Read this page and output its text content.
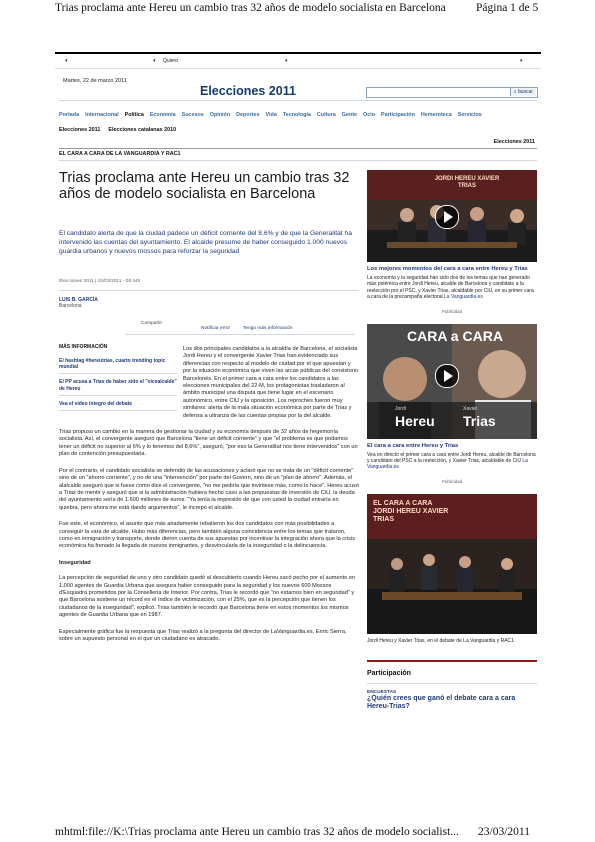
Trias proclama ante Hereu un cambio tras 32 años de modelo socialista en Barcelona	Página 1 de 5
▾	▾ Quiero	▾	▾
Martes, 22 de marzo 2011
Elecciones 2011	⌕ buscar
Portada Internacional Política Economía Sucesos Opinión Deportes Vida Tecnología Cultura Gente Ocio Participación Hemeroteca Servicios
Elecciones 2011 Elecciones catalanas 2010
Elecciones 2011
EL CARA A CARA DE LA VANGUARDIA Y RAC1
Trias proclama ante Hereu un cambio tras 32 años de modelo socialista en Barcelona
El candidato alerta de que la ciudad padece un déficit corriente del 8,6% y de que la Generalitat ha intervenido las cuentas del ayuntamiento. El alcalde presume de haber conseguido 1.000 nuevos guardia urbanos y nuevos mossos para reforzar la seguridad
Elecciones 2011 | 22/03/2011 - 08:44h
LUIS B. GARCÍA
Barcelona
Compartir
Notificar error	Tengo más información
MÁS INFORMACIÓN
El hashtag #hereutrias, cuarto trending topic mundial
El PP acusa a Trias de haber sido el "vicealcalde" de Hereu
Vea el vídeo íntegro del debate

Los dos principales candidatos a la alcaldía de Barcelona, el socialista Jordi Hereu y el convergente Xavier Trias han evidenciado sus diferencias con respecto al modelo de ciudad por el que apuestan y por la situación económica que viven las arcas públicas del consistorio Barcelonés. En el primer cara a cara entre los candidatos a las elecciones municipales del 22-M, los protagonistas trasladaron al ámbito municipal una disputa que tiene lugar en el escenario autonómico, entre CIU y la oposición. Los reproches fueron muy similares: alerta de la mala situación económica por parte de Trias y defensa a ultranza de las cuentas propias por la del alcalde.

Trias propuso un cambio en la manera de gestionar la ciudad y su economía después de 32 años de hegemonía socialista. Así, el convergente aseguró que Barcelona "tiene un déficit corriente" y que "el problema es que podamos tener un déficit no superior al 6% y lo tenemos del 8,6%", aseguró, "por eso la Generalitat nos tiene intervenidos" con un plan de contención presupuestaria.

Por el contrario, el candidato socialista se defendió de las acusaciones y aclaró que no se trata de un "déficit corriente" sino de un "ahorro corriente", y no de una "intervención" por parte del Govern, sino de un "plan de ahorro". Además, el alalcalde aseguró que si fuese como dice el convergente, "no me pediría que invirtiese más, como lo hace". Hereu acusó a Trias de mentir y aseguró que si la administración hubiera hecho caso a las propuestas de inversión de CiU, la deuda del ayuntamiento sería de 1.600 millones de euros. "Ya tenía la impresión de que con usted la ciudad entraría en quiebra, pero ahora me está dando argumentos", le increpó el alcalde.

Fue este, el económico, el asunto que más airadamente rebatieron los dos candidatos con más posibilidades a conseguir la vara de alcalde. Hubo más diferencias, pero también alguna coincidencia entre los temas que trataron, como en inmigración y transporte, donde dieron cuenta de sus apuestas por incentivar la integración ahora que la crisis económica ha frenado la llegada de nuevos inmigrantes, y desvincularla de la inseguridad o la delincuencia.

Inseguridad

La percepción de seguridad de uno y otro candidato quedó al descubierto cuando Hereu sacó pecho por el aumento en 1.000 agentes de Guardia Urbana que asegura haber conseguido para la seguridad y los nuevos 600 Mossos d'Esquadra prometidos por la Conselleria de Interior. Por contra, Trias le recordó que "no estamos bien en seguridad" y que Barcelona sostiene un récord en el índice de victimización, con el 25%, que es la percepción que tienen los ciudadanos de la inseguridad", explicó. Trias también le recordó que Barcelona tiene en estos momentos los mismos agentes de Guardia Urbana que en 1987.

Especialmente gráfica fue la respuesta que Trias realizó a la pregunta del director de LaVanguardia.es, Enric Sierra, sobre un supuesto personal en el que un ciudadano es atracado.

JORDI HEREU XAVIER TRIAS
Los mejores momentos del cara a cara entre Hereu y Trias
La economía y la seguridad han sido dos de los temas que han generado más polémica entre Jordi Hereu, alcalde de Barcelona y candidato a la reelección por el PSC, y Xavier Trias, alcaldable por CiU, en su primer cara a cara de la precampaña electoral La Vanguardia.es
Publicidad
CARA a CARA
Jordi
Hereu
Xavier
Trias
El cara a cara entre Hereu y Trias
Vea en directo el primer cara a cara entre Jordi Hereu, alcalde de Barcelona y candidato del PSC a la reelección, y Xavier Trias, alcaldable de CiU La Vanguardia.es
Publicidad
EL CARA A CARA JORDI HEREU XAVIER TRIAS
Jordi Hereu y Xavier Trias, en el debate de La Vanguardia y RAC1
Participación
ENCUESTAS
¿Quién crees que ganó el debate cara a cara Hereu-Trias?
mhtml:file://K:\Trias proclama ante Hereu un cambio tras 32 años de modelo socialist... 23/03/2011
